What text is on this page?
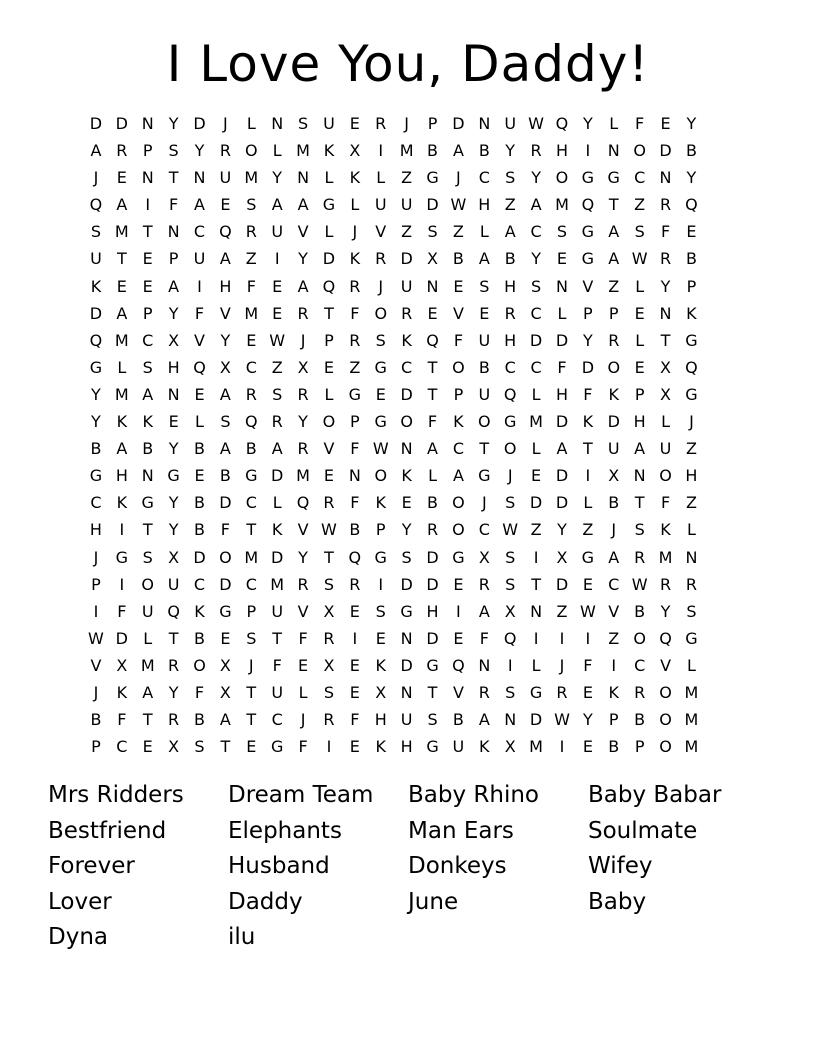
I Love You, Daddy!
D D N Y D	J	L N S U E R	J	P D N U W Q Y	L	F	E Y
A R P S Y R O L M K X	I	M B A B Y R H	I	N O D B
J	E N T N U M Y N L	K	L Z G	J	C S Y O G G C N Y
Q A	I	F A E S A A G L U U D W H Z A M Q T Z R Q
S M T N C Q R U V L	J	V Z S Z L A C S G A S	F	E
U T E	P U A Z	I	Y D K R D X B A B Y E G A W R B
K E E A	I	H F	E A Q R	J	U N E S H S N V Z L	Y	P
D A P	Y	F V M E R T	F O R E V E R C L	P	P	E N K
Q M C X V Y E W J	P R S K Q F U H D D Y R L	T G
G L	S H Q X C Z X E Z G C T O B C C F D O E X Q
Y M A N E A R S R L G E D T	P U Q L H F	K P X G
Y K K E	L	S Q R Y O P G O F	K O G M D K D H L	J
B A B Y B A B A R V F W N A C T O L A T U A U Z
G H N G E B G D M E N O K	L A G	J	E D	I	X N O H
C K G Y B D C L Q R F	K E B O	J	S D D L B T	F Z
H	I	T	Y B F	T K V W B P	Y R O C W Z Y Z	J	S K	L
J	G S X D O M D Y	T Q G S D G X S	I	X G A R M N
P	I	O U C D C M R S R	I	D D E R S T D E C W R R
I	F U Q K G P U V X E S G H	I	A X N Z W V B Y S
W D L	T B E S T	F R	I	E N D E	F Q	I	I	I	Z O Q G
V X M R O X	J	F	E X E K D G Q N	I	L	J	F	I	C V L
J	K A Y	F X T U L	S E X N T V R S G R E K R O M
B F	T R B A T C	J	R F H U S B A N D W Y	P B O M
P C E X S T E G F	I	E K H G U K X M	I	E B P O M
Mrs Ridders	Dream Team	Baby Rhino	Baby Babar
Bestfriend	Elephants	Man Ears	Soulmate
Forever	Husband	Donkeys	Wifey
Lover	Daddy	June	Baby
Dyna	ilu
